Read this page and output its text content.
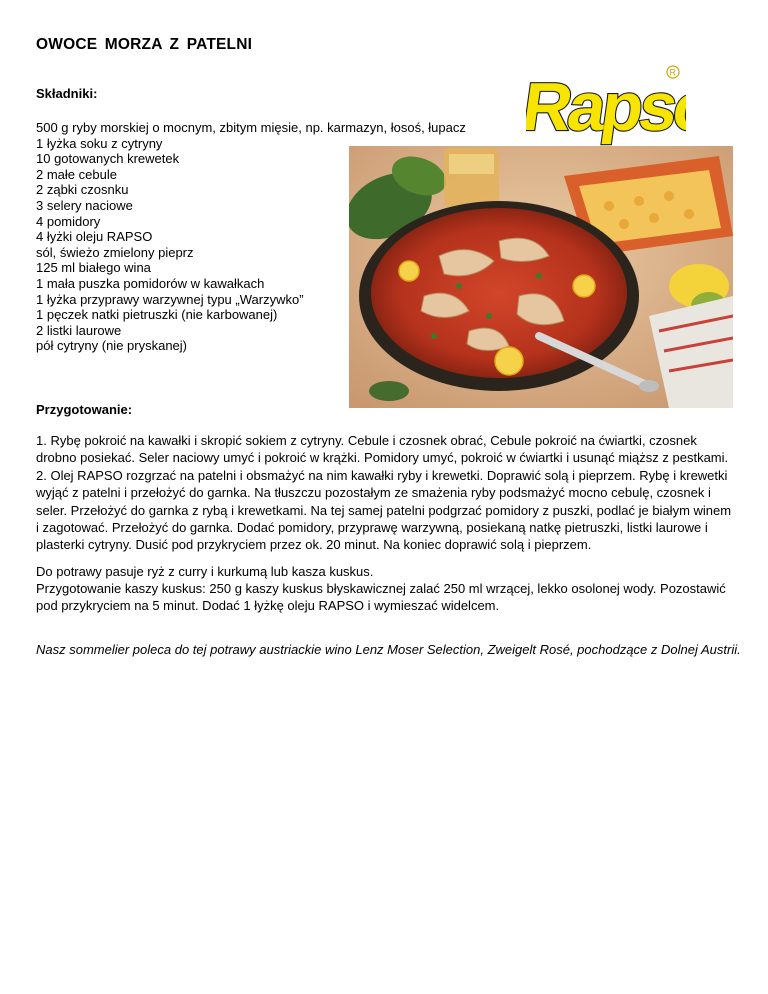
OWOCE MORZA Z PATELNI
Rapso
R
Składniki:
500 g ryby morskiej o mocnym, zbitym mięsie, np. karmazyn, łosoś, łupacz
1 łyżka soku z cytryny
10 gotowanych krewetek
2 małe cebule
2 ząbki czosnku
3 selery naciowe
4 pomidory
4 łyżki oleju RAPSO
sól, świeżo zmielony pieprz
125 ml białego wina
1 mała puszka pomidorów w kawałkach
1 łyżka przyprawy warzywnej typu „Warzywko”
1 pęczek natki pietruszki (nie karbowanej)
2 listki laurowe
pół cytryny (nie pryskanej)
Przygotowanie:

1. Rybę pokroić na kawałki i skropić sokiem z cytryny. Cebule i czosnek obrać, Cebule pokroić na ćwiartki, czosnek drobno posiekać. Seler naciowy umyć i pokroić w krążki. Pomidory umyć, pokroić w ćwiartki i usunąć miąższ z pestkami.

2. Olej RAPSO rozgrzać na patelni i obsmażyć na nim kawałki ryby i krewetki. Doprawić solą i pieprzem. Rybę i krewetki wyjąć z patelni i przełożyć do garnka. Na tłuszczu pozostałym ze smażenia ryby podsmażyć mocno cebulę, czosnek i seler. Przełożyć do garnka z rybą i krewetkami. Na tej samej patelni podgrzać pomidory z puszki, podlać je białym winem i zagotować. Przełożyć do garnka. Dodać pomidory, przyprawę warzywną, posiekaną natkę pietruszki, listki laurowe i plasterki cytryny. Dusić pod przykryciem przez ok. 20 minut. Na koniec doprawić solą i pieprzem.

Do potrawy pasuje ryż z curry i kurkumą lub kasza kuskus.

Przygotowanie kaszy kuskus: 250 g kaszy kuskus błyskawicznej zalać 250 ml wrzącej, lekko osolonej wody. Pozostawić pod przykryciem na 5 minut. Dodać 1 łyżkę oleju RAPSO i wymieszać widelcem.

Nasz sommelier poleca do tej potrawy austriackie wino Lenz Moser Selection, Zweigelt Rosé, pochodzące z Dolnej Austrii.
